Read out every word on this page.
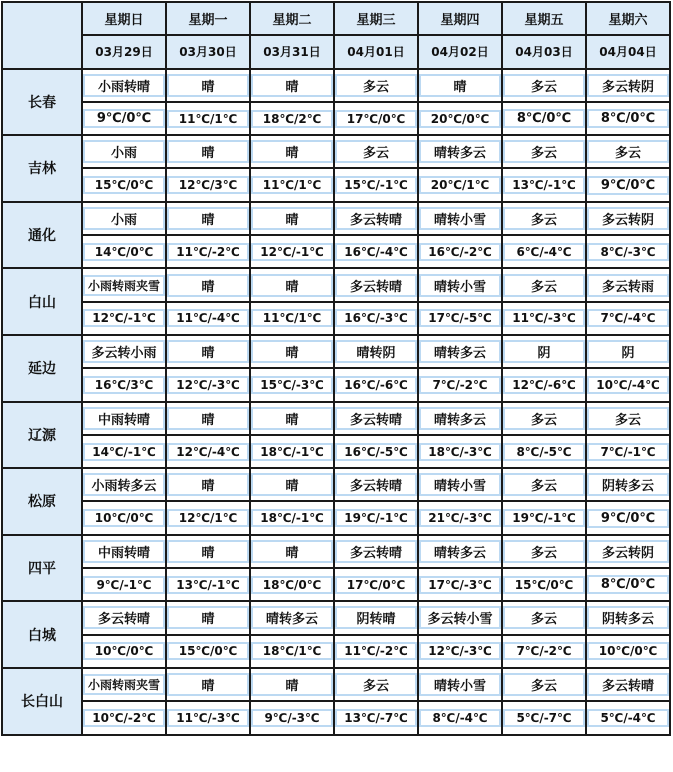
星期日	星期一	星期二	星期三	星期四	星期五	星期六

03月29日	03月30日	03月31日	04月01日	04月02日	04月03日	04月04日

长春	小雨转晴	晴	晴	多云	晴	多云	多云转阴

9℃/0℃	11℃/1℃	18℃/2℃	17℃/0℃	20℃/0℃	8℃/0℃	8℃/0℃

吉林	小雨	晴	晴	多云	晴转多云	多云	多云

15℃/0℃	12℃/3℃	11℃/1℃	15℃/-1℃	20℃/1℃	13℃/-1℃	9℃/0℃

通化	小雨	晴	晴	多云转晴	晴转小雪	多云	多云转阴

14℃/0℃	11℃/-2℃	12℃/-1℃	16℃/-4℃	16℃/-2℃	6℃/-4℃	8℃/-3℃

白山	小雨转雨夹雪	晴	晴	多云转晴	晴转小雪	多云	多云转雨

12℃/-1℃	11℃/-4℃	11℃/1℃	16℃/-3℃	17℃/-5℃	11℃/-3℃	7℃/-4℃

延边	多云转小雨	晴	晴	晴转阴	晴转多云	阴	阴

16℃/3℃	12℃/-3℃	15℃/-3℃	16℃/-6℃	7℃/-2℃	12℃/-6℃	10℃/-4℃

辽源	中雨转晴	晴	晴	多云转晴	晴转多云	多云	多云

14℃/-1℃	12℃/-4℃	18℃/-1℃	16℃/-5℃	18℃/-3℃	8℃/-5℃	7℃/-1℃

松原	小雨转多云	晴	晴	多云转晴	晴转小雪	多云	阴转多云

10℃/0℃	12℃/1℃	18℃/-1℃	19℃/-1℃	21℃/-3℃	19℃/-1℃	9℃/0℃

四平	中雨转晴	晴	晴	多云转晴	晴转多云	多云	多云转阴

9℃/-1℃	13℃/-1℃	18℃/0℃	17℃/0℃	17℃/-3℃	15℃/0℃	8℃/0℃

白城	多云转晴	晴	晴转多云	阴转晴	多云转小雪	多云	阴转多云

10℃/0℃	15℃/0℃	18℃/1℃	11℃/-2℃	12℃/-3℃	7℃/-2℃	10℃/0℃

长白山	小雨转雨夹雪	晴	晴	多云	晴转小雪	多云	多云转晴

10℃/-2℃	11℃/-3℃	9℃/-3℃	13℃/-7℃	8℃/-4℃	5℃/-7℃	5℃/-4℃
